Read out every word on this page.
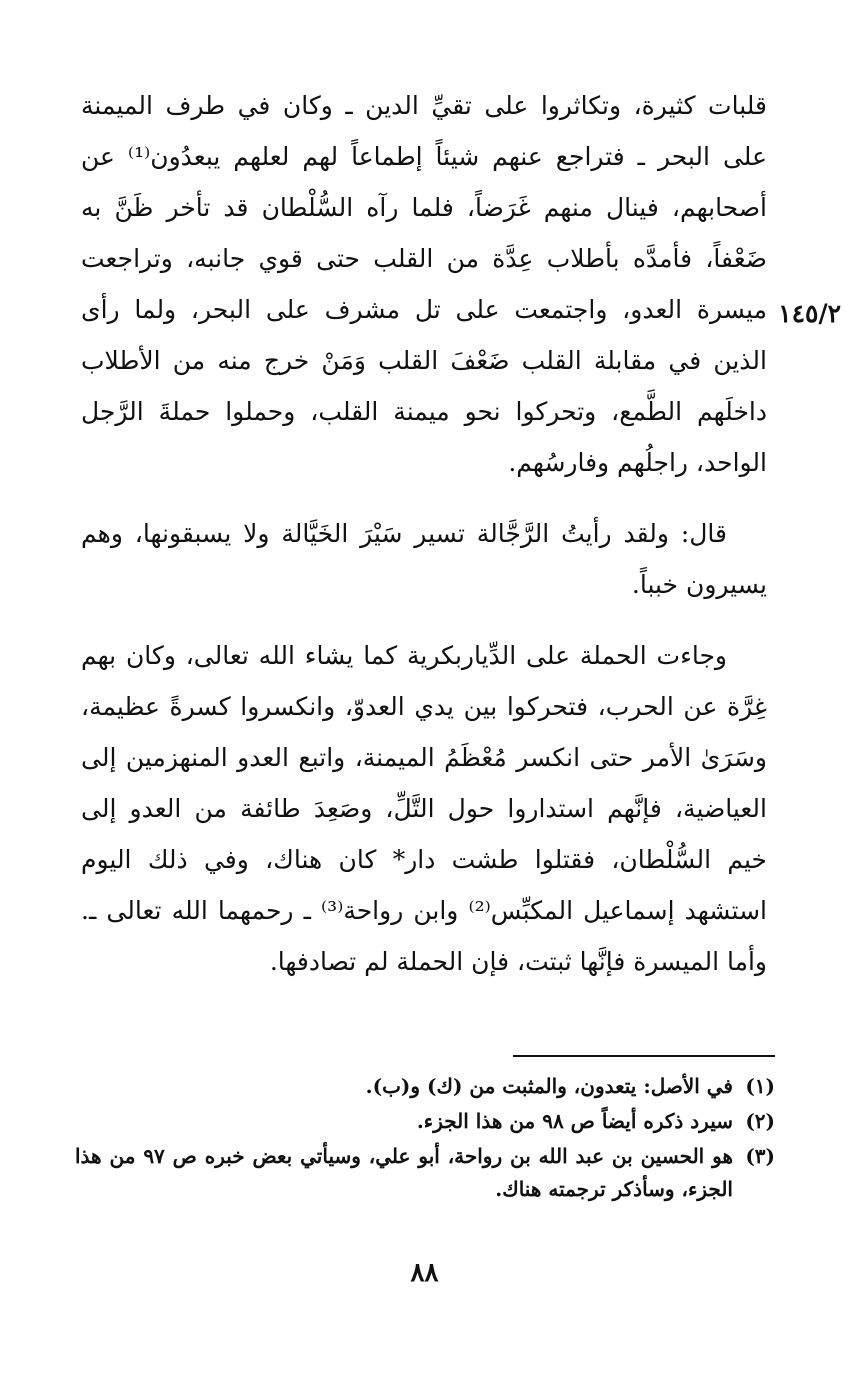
١٤٥/٢

قلبات كثيرة، وتكاثروا على تقيِّ الدين ـ وكان في طرف الميمنة على البحر ـ فتراجع عنهم شيئاً إطماعاً لهم لعلهم يبعدُون⁽¹⁾ عن أصحابهم، فينال منهم غَرَضاً، فلما رآه السُّلْطان قد تأخر ظَنَّ به ضَعْفاً، فأمدَّه بأطلاب عِدَّة من القلب حتى قوي جانبه، وتراجعت ميسرة العدو، واجتمعت على تل مشرف على البحر، ولما رأى الذين في مقابلة القلب ضَعْفَ القلب وَمَنْ خرج منه من الأطلاب داخلَهم الطَّمع، وتحركوا نحو ميمنة القلب، وحملوا حملةَ الرَّجل الواحد، راجلُهم وفارسُهم.

قال: ولقد رأيتُ الرَّجَّالة تسير سَيْرَ الخَيَّالة ولا يسبقونها، وهم يسيرون خبباً.

وجاءت الحملة على الدِّياربكرية كما يشاء الله تعالى، وكان بهم غِرَّة عن الحرب، فتحركوا بين يدي العدوّ، وانكسروا كسرةً عظيمة، وسَرَىٰ الأمر حتى انكسر مُعْظَمُ الميمنة، واتبع العدو المنهزمين إلى العياضية، فإنَّهم استداروا حول التَّلِّ، وصَعِدَ طائفة من العدو إلى خيم السُّلْطان، فقتلوا طشت دار* كان هناك، وفي ذلك اليوم استشهد إسماعيل المكبِّس⁽²⁾ وابن رواحة⁽³⁾ ـ رحمهما الله تعالى ـ. وأما الميسرة فإنَّها ثبتت، فإن الحملة لم تصادفها.

(١)
في الأصل: يتعدون، والمثبت من (ك) و(ب).

(٢)
سيرد ذكره أيضاً ص ٩٨ من هذا الجزء.

(٣)
هو الحسين بن عبد الله بن رواحة، أبو علي، وسيأتي بعض خبره ص ٩٧ من هذا الجزء، وسأذكر ترجمته هناك.

٨٨
